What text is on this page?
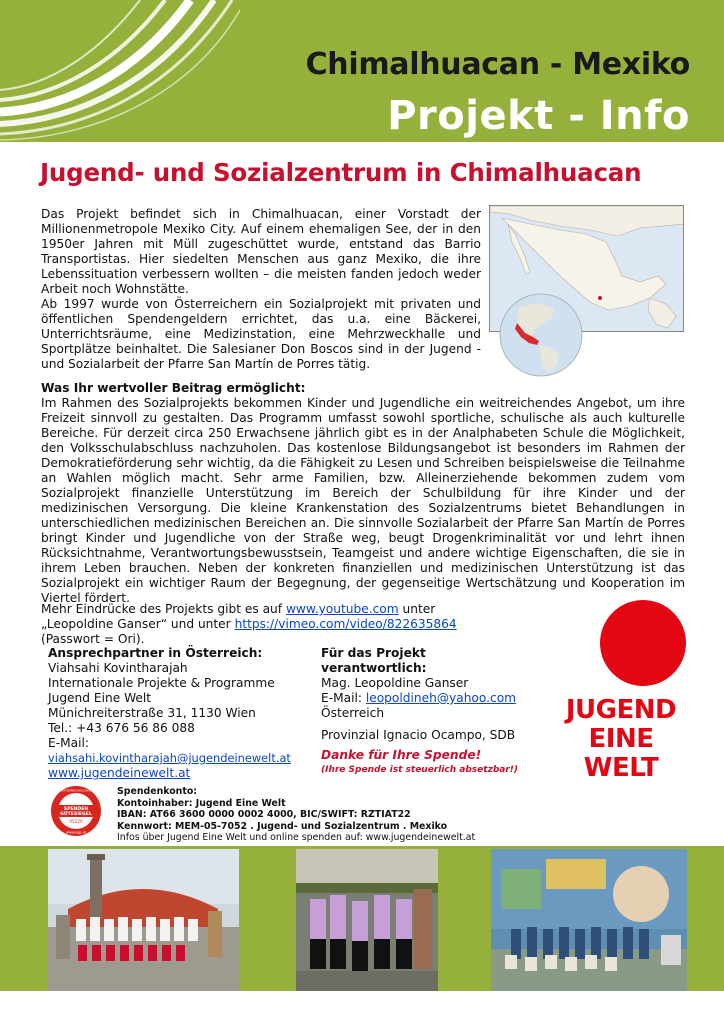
Chimalhuacan - Mexiko
Projekt - Info
Jugend- und Sozialzentrum in Chimalhuacan

Das Projekt befindet sich in Chimalhuacan, einer Vorstadt der Millionenmetropole Mexiko City. Auf einem ehemaligen See, der in den 1950er Jahren mit Müll zugeschüttet wurde, entstand das Barrio Transportistas. Hier siedelten Menschen aus ganz Mexiko, die ihre Lebenssituation verbessern wollten – die meisten fanden jedoch weder Arbeit noch Wohnstätte.

Ab 1997 wurde von Österreichern ein Sozialprojekt mit privaten und öffentlichen Spendengeldern errichtet, das u.a. eine Bäckerei, Unterrichtsräume, eine Medizinstation, eine Mehrzweckhalle und Sportplätze beinhaltet. Die Salesianer Don Boscos sind in der Jugend - und Sozialarbeit der Pfarre San Martín de Porres tätig.

Was Ihr wertvoller Beitrag ermöglicht:
Im Rahmen des Sozialprojekts bekommen Kinder und Jugendliche ein weitreichendes Angebot, um ihre Freizeit sinnvoll zu gestalten. Das Programm umfasst sowohl sportliche, schulische als auch kulturelle Bereiche. Für derzeit circa 250 Erwachsene jährlich gibt es in der Analphabeten Schule die Möglichkeit, den Volksschulabschluss nachzuholen. Das kostenlose Bildungsangebot ist besonders im Rahmen der Demokratieförderung sehr wichtig, da die Fähigkeit zu Lesen und Schreiben beispielsweise die Teilnahme an Wahlen möglich macht. Sehr arme Familien, bzw. Alleinerziehende bekommen zudem vom Sozialprojekt finanzielle Unterstützung im Bereich der Schulbildung für ihre Kinder und der medizinischen Versorgung. Die kleine Krankenstation des Sozialzentrums bietet Behandlungen in unterschiedlichen medizinischen Bereichen an. Die sinnvolle Sozialarbeit der Pfarre San Martín de Porres bringt Kinder und Jugendliche von der Straße weg, beugt Drogenkriminalität vor und lehrt ihnen Rücksichtnahme, Verantwortungsbewusstsein, Teamgeist und andere wichtige Eigenschaften, die sie in ihrem Leben brauchen. Neben der konkreten finanziellen und medizinischen Unterstützung ist das Sozialprojekt ein wichtiger Raum der Begegnung, der gegenseitige Wertschätzung und Kooperation im Viertel fördert.
Mehr Eindrücke des Projekts gibt es auf www.youtube.com unter „Leopoldine Ganser“ und unter https://vimeo.com/video/822635864 (Passwort = Ori).
Ansprechpartner in Österreich:
Viahsahi Kovintharajah
Internationale Projekte & Programme
Jugend Eine Welt
Münichreiterstraße 31, 1130 Wien
Tel.: +43 676 56 86 088
E-Mail:
viahsahi.kovintharajah@jugendeinewelt.at
www.jugendeinewelt.at
Für das Projekt
verantwortlich:
Mag. Leopoldine Ganser
E-Mail: leopoldineh@yahoo.com
Österreich
Provinzial Ignacio Ocampo, SDB
Danke für Ihre Spende!
(Ihre Spende ist steuerlich absetzbar!)
JUGEND
EINE
WELT
SPENDEN
GÜTESIEGEL
05220
ÖSTERREICHISCHES
www.osgs.at
Spendenkonto:
Kontoinhaber: Jugend Eine Welt
IBAN: AT66 3600 0000 0002 4000, BIC/SWIFT: RZTIAT22
Kennwort: MEM-05-7052 . Jugend- und Sozialzentrum . Mexiko
Infos über Jugend Eine Welt und online spenden auf: www.jugendeinewelt.at
